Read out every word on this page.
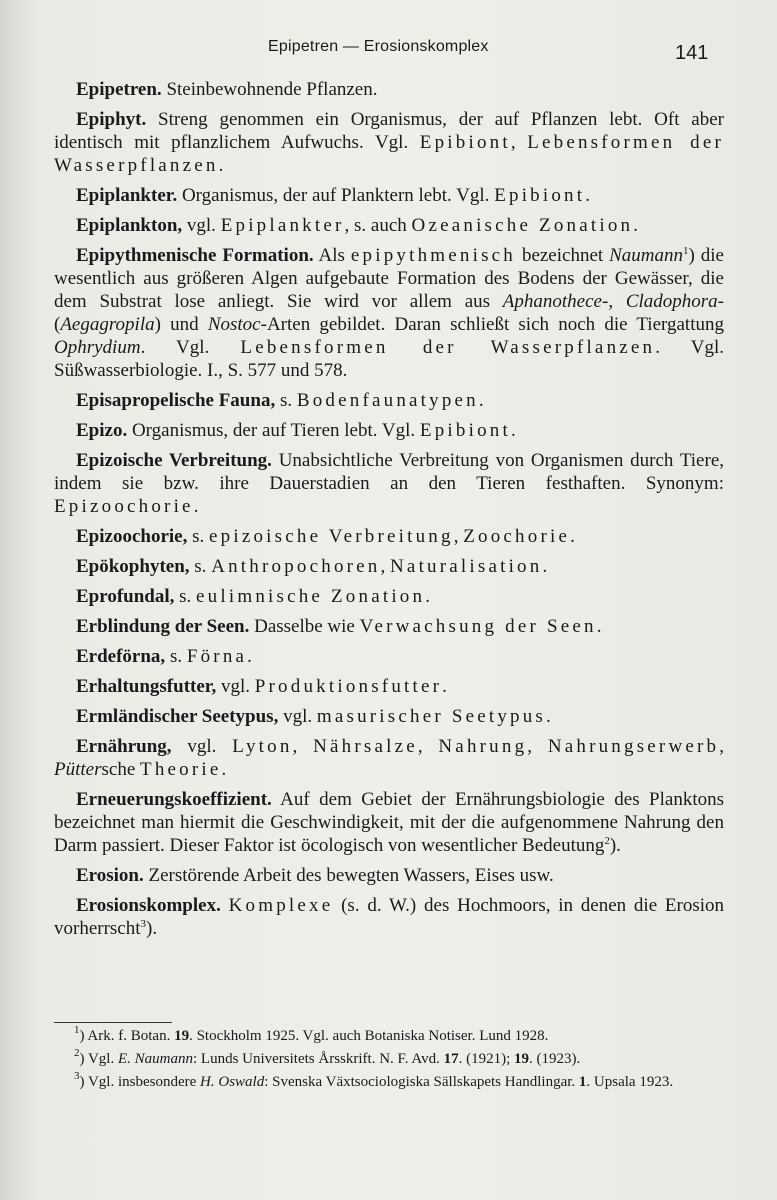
Epipetren — Erosionskomplex	141

Epipetren. Steinbewohnende Pflanzen.

Epiphyt. Streng genommen ein Organismus, der auf Pflanzen lebt. Oft aber identisch mit pflanzlichem Aufwuchs. Vgl. Epibiont, Lebensformen der Wasserpflanzen.

Epiplankter. Organismus, der auf Planktern lebt. Vgl. Epibiont.

Epiplankton, vgl. Epiplankter, s. auch Ozeanische Zonation.

Epipythmenische Formation. Als epipythmenisch bezeichnet Naumann$^1$) die wesentlich aus größeren Algen aufgebaute Formation des Bodens der Gewässer, die dem Substrat lose anliegt. Sie wird vor allem aus Aphanothece-, Cladophora- (Aegagropila) und Nostoc-Arten gebildet. Daran schließt sich noch die Tiergattung Ophrydium. Vgl. Lebensformen der Wasserpflanzen. Vgl. Süßwasserbiologie. I., S. 577 und 578.

Episapropelische Fauna, s. Bodenfaunatypen.

Epizo. Organismus, der auf Tieren lebt. Vgl. Epibiont.

Epizoische Verbreitung. Unabsichtliche Verbreitung von Organismen durch Tiere, indem sie bzw. ihre Dauerstadien an den Tieren festhaften. Synonym: Epizoochorie.

Epizoochorie, s. epizoische Verbreitung, Zoochorie.

Epökophyten, s. Anthropochoren, Naturalisation.

Eprofundal, s. eulimnische Zonation.

Erblindung der Seen. Dasselbe wie Verwachsung der Seen.

Erdeförna, s. Förna.

Erhaltungsfutter, vgl. Produktionsfutter.

Ermländischer Seetypus, vgl. masurischer Seetypus.

Ernährung, vgl. Lyton, Nährsalze, Nahrung, Nahrungserwerb, Püttersche Theorie.

Erneuerungskoeffizient. Auf dem Gebiet der Ernährungsbiologie des Planktons bezeichnet man hiermit die Geschwindigkeit, mit der die aufgenommene Nahrung den Darm passiert. Dieser Faktor ist öcologisch von wesentlicher Bedeutung$^2$).

Erosion. Zerstörende Arbeit des bewegten Wassers, Eises usw.

Erosionskomplex. Komplexe (s. d. W.) des Hochmoors, in denen die Erosion vorherrscht$^3$).

$^1$) Ark. f. Botan. 19. Stockholm 1925. Vgl. auch Botaniska Notiser. Lund 1928.

$^2$) Vgl. E. Naumann: Lunds Universitets Årsskrift. N. F. Avd. 17. (1921); 19. (1923).

$^3$) Vgl. insbesondere H. Oswald: Svenska Växtsociologiska Sällskapets Handlingar. 1. Upsala 1923.
